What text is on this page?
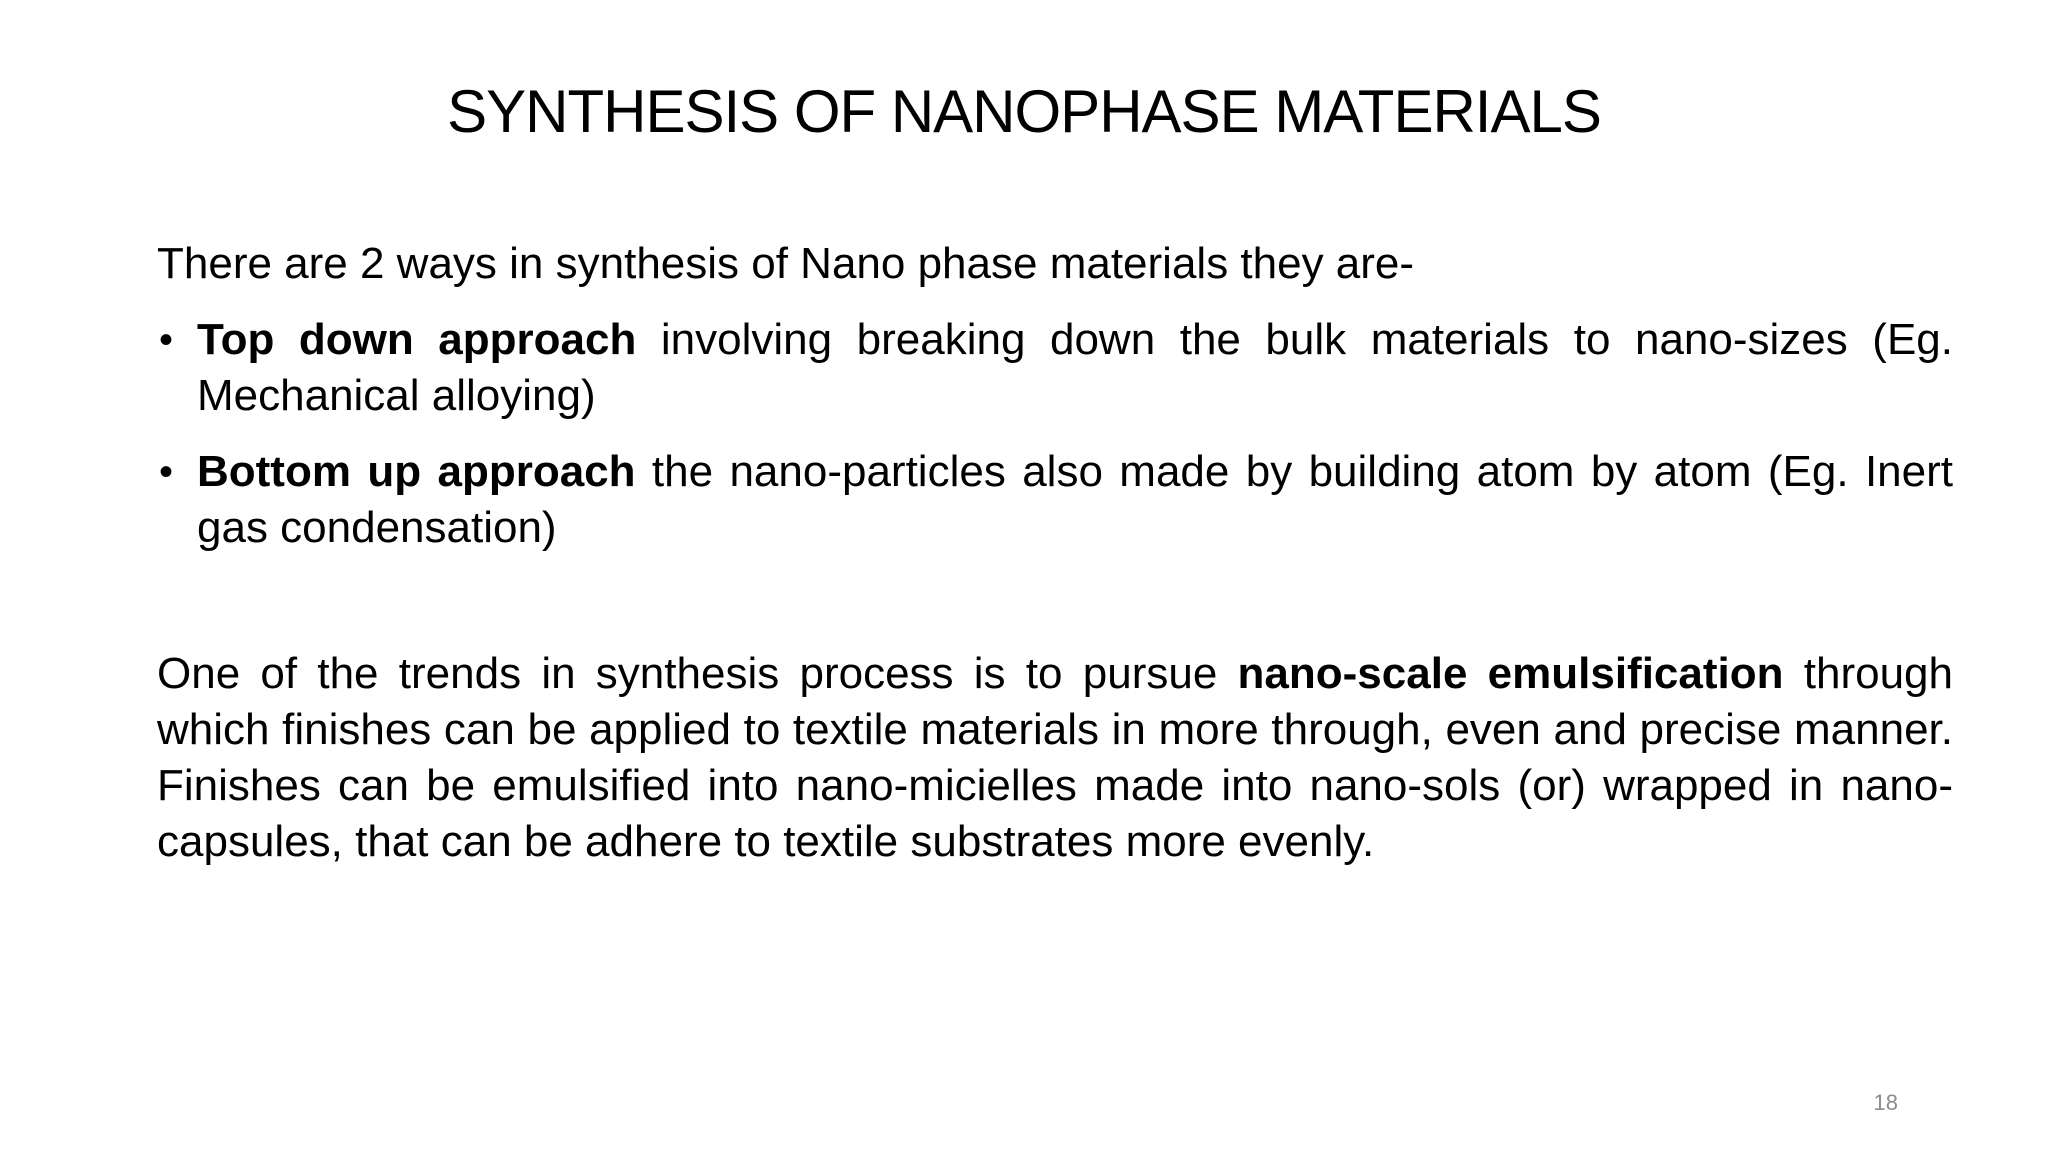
SYNTHESIS OF NANOPHASE MATERIALS

There are 2 ways in synthesis of Nano phase materials they are-

• Top down approach involving breaking down the bulk materials to nano-sizes (Eg. Mechanical alloying)
• Bottom up approach the nano-particles also made by building atom by atom (Eg. Inert gas condensation)

One of the trends in synthesis process is to pursue nano-scale emulsification through which finishes can be applied to textile materials in more through, even and precise manner. Finishes can be emulsified into nano-micielles made into nano-sols (or) wrapped in nano-capsules, that can be adhere to textile substrates more evenly.

18
